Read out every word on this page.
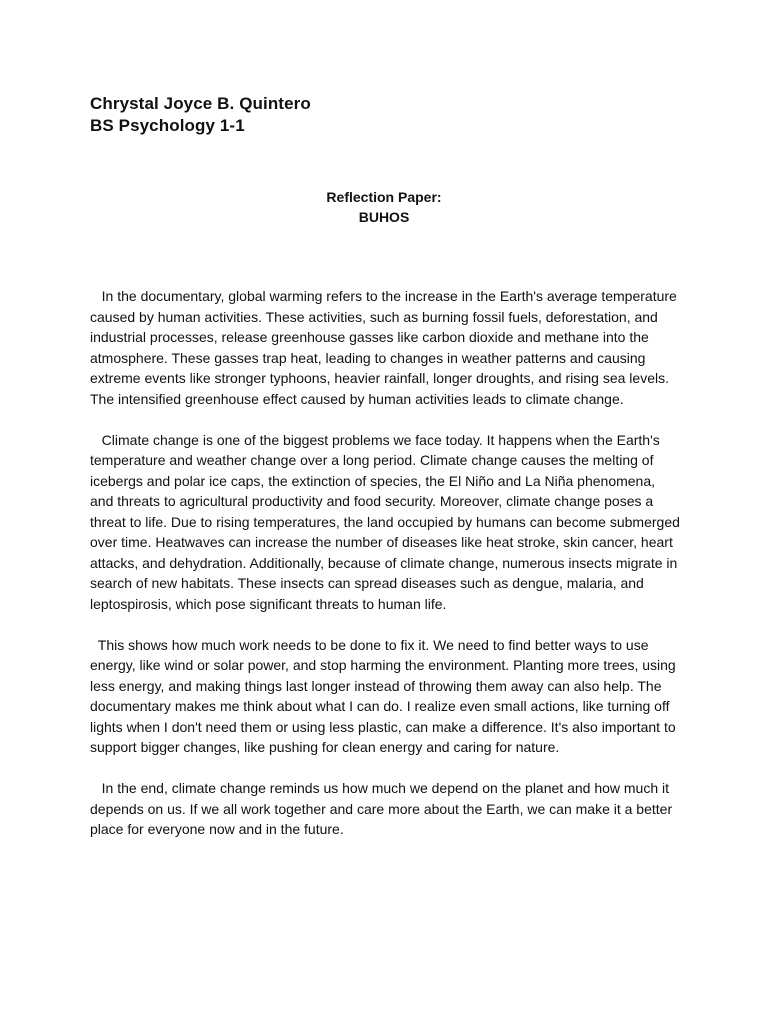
Chrystal Joyce B. Quintero
BS Psychology 1-1
Reflection Paper:
BUHOS

In the documentary, global warming refers to the increase in the Earth's average temperature caused by human activities. These activities, such as burning fossil fuels, deforestation, and industrial processes, release greenhouse gasses like carbon dioxide and methane into the atmosphere. These gasses trap heat, leading to changes in weather patterns and causing extreme events like stronger typhoons, heavier rainfall, longer droughts, and rising sea levels. The intensified greenhouse effect caused by human activities leads to climate change.

Climate change is one of the biggest problems we face today. It happens when the Earth's temperature and weather change over a long period. Climate change causes the melting of icebergs and polar ice caps, the extinction of species, the El Niño and La Niña phenomena, and threats to agricultural productivity and food security. Moreover, climate change poses a threat to life. Due to rising temperatures, the land occupied by humans can become submerged over time. Heatwaves can increase the number of diseases like heat stroke, skin cancer, heart attacks, and dehydration. Additionally, because of climate change, numerous insects migrate in search of new habitats. These insects can spread diseases such as dengue, malaria, and leptospirosis, which pose significant threats to human life.

This shows how much work needs to be done to fix it. We need to find better ways to use energy, like wind or solar power, and stop harming the environment. Planting more trees, using less energy, and making things last longer instead of throwing them away can also help. The documentary makes me think about what I can do. I realize even small actions, like turning off lights when I don't need them or using less plastic, can make a difference. It's also important to support bigger changes, like pushing for clean energy and caring for nature.

In the end, climate change reminds us how much we depend on the planet and how much it depends on us. If we all work together and care more about the Earth, we can make it a better place for everyone now and in the future.
